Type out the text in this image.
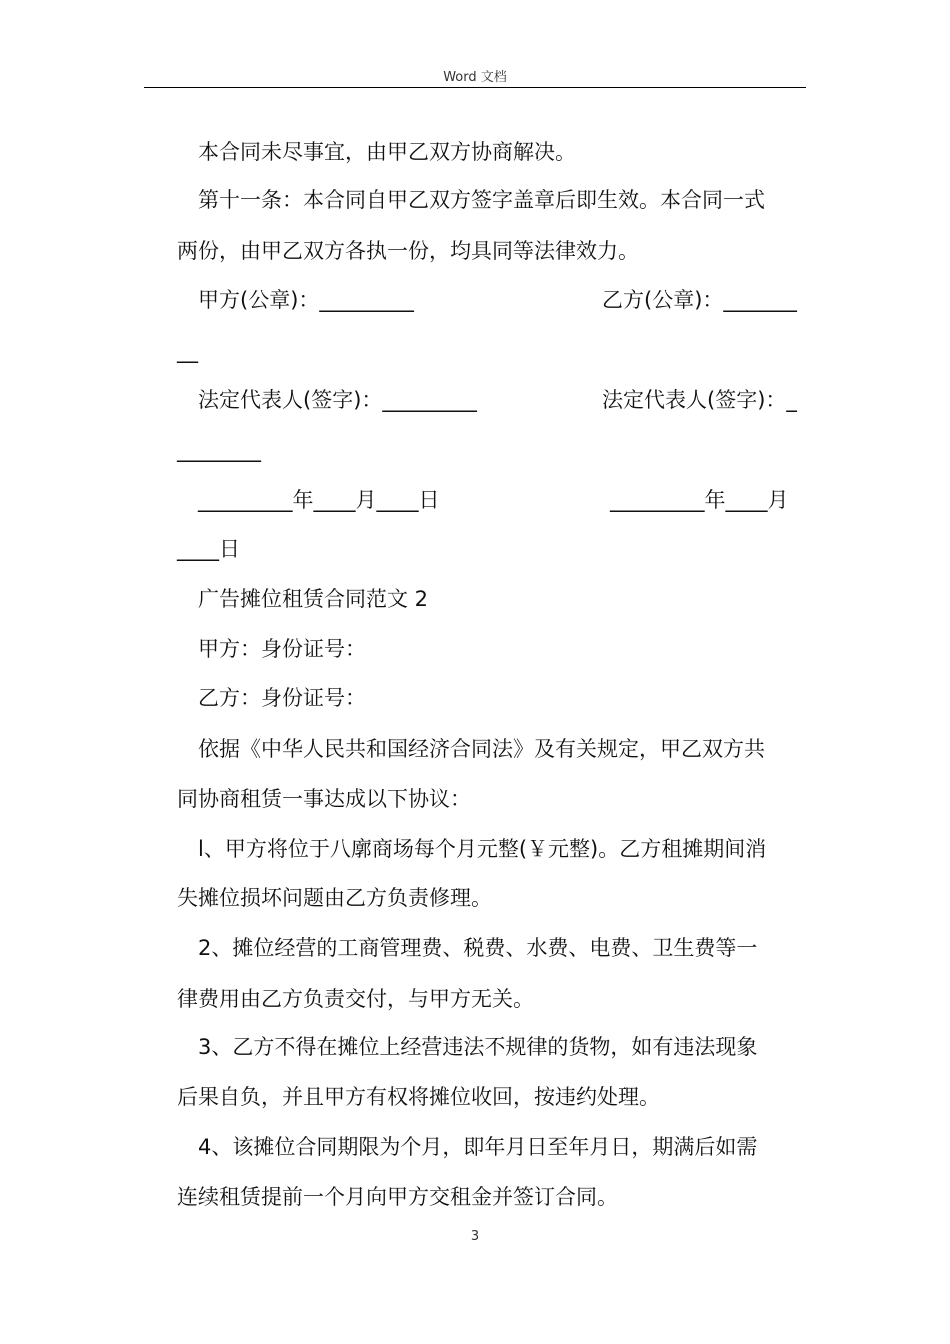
Word 文档
本合同未尽事宜，由甲乙双方协商解决。
第十一条：本合同自甲乙双方签字盖章后即生效。本合同一式
两份，由甲乙双方各执一份，均具同等法律效力。
甲方(公章)：_________	乙方(公章)：_______
__
法定代表人(签字)：_________	法定代表人(签字)：_
________
_________年____月____日	_________年____月
____日
广告摊位租赁合同范文 2
甲方：身份证号：
乙方：身份证号：
依据《中华人民共和国经济合同法》及有关规定，甲乙双方共
同协商租赁一事达成以下协议：
l、甲方将位于八廓商场每个月元整(￥元整)。乙方租摊期间消
失摊位损坏问题由乙方负责修理。
2、摊位经营的工商管理费、税费、水费、电费、卫生费等一
律费用由乙方负责交付，与甲方无关。
3、乙方不得在摊位上经营违法不规律的货物，如有违法现象
后果自负，并且甲方有权将摊位收回，按违约处理。
4、该摊位合同期限为个月，即年月日至年月日，期满后如需
连续租赁提前一个月向甲方交租金并签订合同。
3
